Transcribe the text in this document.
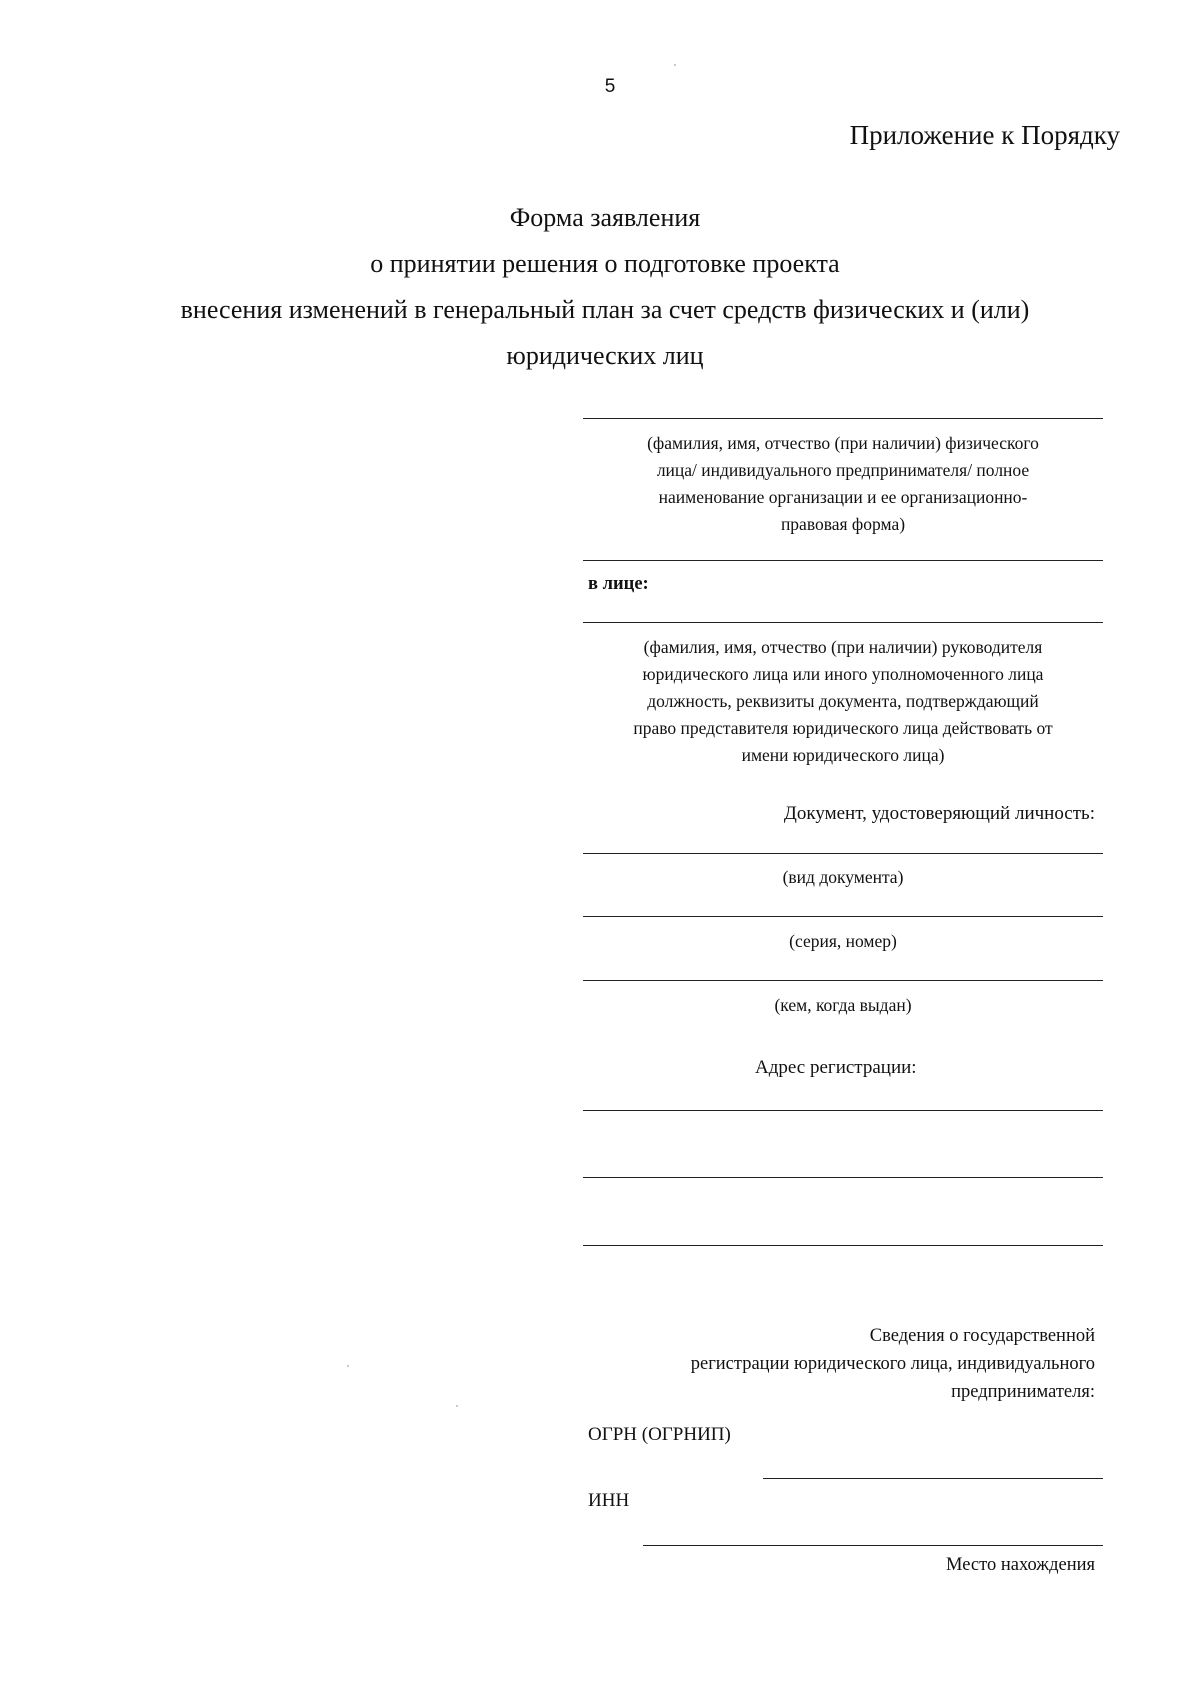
5
Приложение к Порядку
Форма заявления
о принятии решения о подготовке проекта
внесения изменений в генеральный план за счет средств физических и (или)
юридических лиц
(фамилия, имя, отчество (при наличии) физического
лица/ индивидуального предпринимателя/ полное
наименование организации и ее организационно-
правовая форма)
в лице:
(фамилия, имя, отчество (при наличии) руководителя
юридического лица или иного уполномоченного лица
должность, реквизиты документа, подтверждающий
право представителя юридического лица действовать от
имени юридического лица)
Документ, удостоверяющий личность:
(вид документа)
(серия, номер)
(кем, когда выдан)
Адрес регистрации:
Сведения о государственной
регистрации юридического лица, индивидуального
предпринимателя:
ОГРН (ОГРНИП)
ИНН
Место нахождения
